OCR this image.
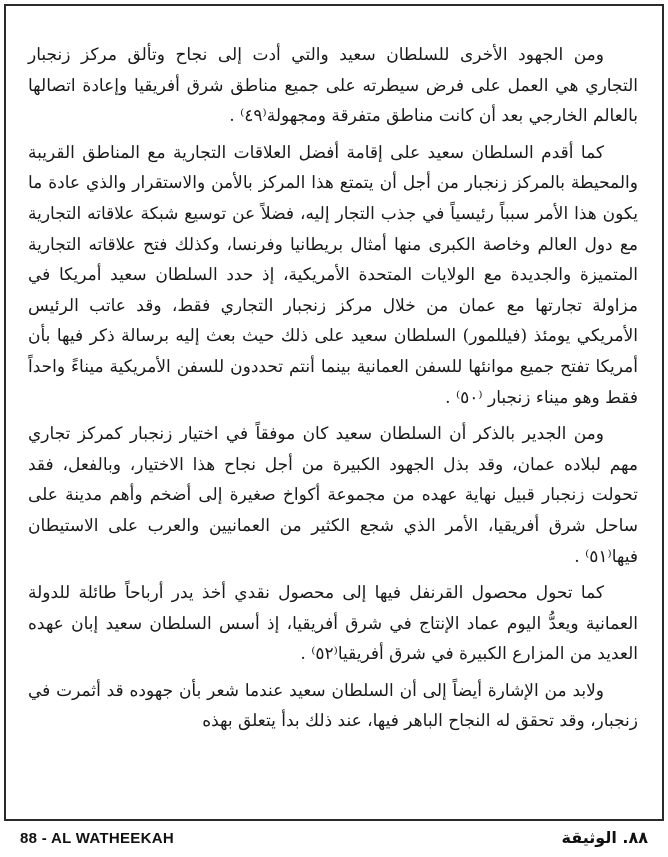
ومن الجهود الأخرى للسلطان سعيد والتي أدت إلى نجاح وتألق مركز زنجبار التجاري هي العمل على فرض سيطرته على جميع مناطق شرق أفريقيا وإعادة اتصالها بالعالم الخارجي بعد أن كانت مناطق متفرقة ومجهولة⁽٤٩⁾ .

كما أقدم السلطان سعيد على إقامة أفضل العلاقات التجارية مع المناطق القريبة والمحيطة بالمركز زنجبار من أجل أن يتمتع هذا المركز بالأمن والاستقرار والذي عادة ما يكون هذا الأمر سبباً رئيسياً في جذب التجار إليه، فضلاً عن توسيع شبكة علاقاته التجارية مع دول العالم وخاصة الكبرى منها أمثال بريطانيا وفرنسا، وكذلك فتح علاقاته التجارية المتميزة والجديدة مع الولايات المتحدة الأمريكية، إذ حدد السلطان سعيد أمريكا في مزاولة تجارتها مع عمان من خلال مركز زنجبار التجاري فقط، وقد عاتب الرئيس الأمريكي يومئذ (فيللمور) السلطان سعيد على ذلك حيث بعث إليه برسالة ذكر فيها بأن أمريكا تفتح جميع موانئها للسفن العمانية بينما أنتم تحددون للسفن الأمريكية ميناءً واحداً فقط وهو ميناء زنجبار ⁽٥٠⁾ .

ومن الجدير بالذكر أن السلطان سعيد كان موفقاً في اختيار زنجبار كمركز تجاري مهم لبلاده عمان، وقد بذل الجهود الكبيرة من أجل نجاح هذا الاختيار، وبالفعل، فقد تحولت زنجبار قبيل نهاية عهده من مجموعة أكواخ صغيرة إلى أضخم وأهم مدينة على ساحل شرق أفريقيا، الأمر الذي شجع الكثير من العمانيين والعرب على الاستيطان فيها⁽٥١⁾ .

كما تحول محصول القرنفل فيها إلى محصول نقدي أخذ يدر أرباحاً طائلة للدولة العمانية ويعدُّ اليوم عماد الإنتاج في شرق أفريقيا، إذ أسس السلطان سعيد إبان عهده العديد من المزارع الكبيرة في شرق أفريقيا⁽٥٢⁾ .

ولابد من الإشارة أيضاً إلى أن السلطان سعيد عندما شعر بأن جهوده قد أثمرت في زنجبار، وقد تحقق له النجاح الباهر فيها، عند ذلك بدأ يتعلق بهذه

88 - AL WATHEEKAH	٨٨. الوثيقة
